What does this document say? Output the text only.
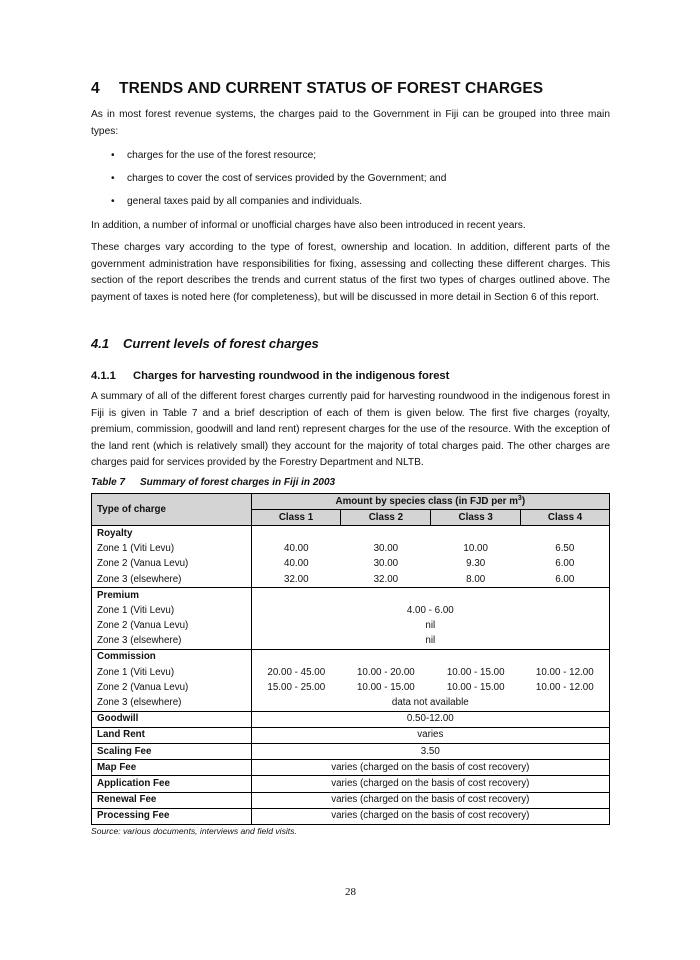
4 TRENDS AND CURRENT STATUS OF FOREST CHARGES

As in most forest revenue systems, the charges paid to the Government in Fiji can be grouped into three main types:

• charges for the use of the forest resource;
• charges to cover the cost of services provided by the Government; and
• general taxes paid by all companies and individuals.

In addition, a number of informal or unofficial charges have also been introduced in recent years.

These charges vary according to the type of forest, ownership and location. In addition, different parts of the government administration have responsibilities for fixing, assessing and collecting these different charges. This section of the report describes the trends and current status of the first two types of charges outlined above. The payment of taxes is noted here (for completeness), but will be discussed in more detail in Section 6 of this report.

4.1 Current levels of forest charges
4.1.1 Charges for harvesting roundwood in the indigenous forest

A summary of all of the different forest charges currently paid for harvesting roundwood in the indigenous forest in Fiji is given in Table 7 and a brief description of each of them is given below. The first five charges (royalty, premium, commission, goodwill and land rent) represent charges for the use of the resource. With the exception of the land rent (which is relatively small) they account for the majority of total charges paid. The other charges are charges paid for services provided by the Forestry Department and NLTB.

Table 7 Summary of forest charges in Fiji in 2003
Type of charge	Amount by species class (in FJD per $m^3$)			
	Class 1	Class 2	Class 3	Class 4
Royalty				
Zone 1 (Viti Levu)	40.00	30.00	10.00	6.50
Zone 2 (Vanua Levu)	40.00	30.00	9.30	6.00
Zone 3 (elsewhere)	32.00	32.00	8.00	6.00
Premium				
Zone 1 (Viti Levu)	4.00 - 6.00			
Zone 2 (Vanua Levu)	nil			
Zone 3 (elsewhere)	nil			
Commission				
Zone 1 (Viti Levu)	20.00 - 45.00	10.00 - 20.00	10.00 - 15.00	10.00 - 12.00
Zone 2 (Vanua Levu)	15.00 - 25.00	10.00 - 15.00	10.00 - 15.00	10.00 - 12.00
Zone 3 (elsewhere)	data not available			
Goodwill	0.50-12.00			
Land Rent	varies			
Scaling Fee	3.50			
Map Fee	varies (charged on the basis of cost recovery)			
Application Fee	varies (charged on the basis of cost recovery)			
Renewal Fee	varies (charged on the basis of cost recovery)			
Processing Fee	varies (charged on the basis of cost recovery)			
Source: various documents, interviews and field visits.
28
